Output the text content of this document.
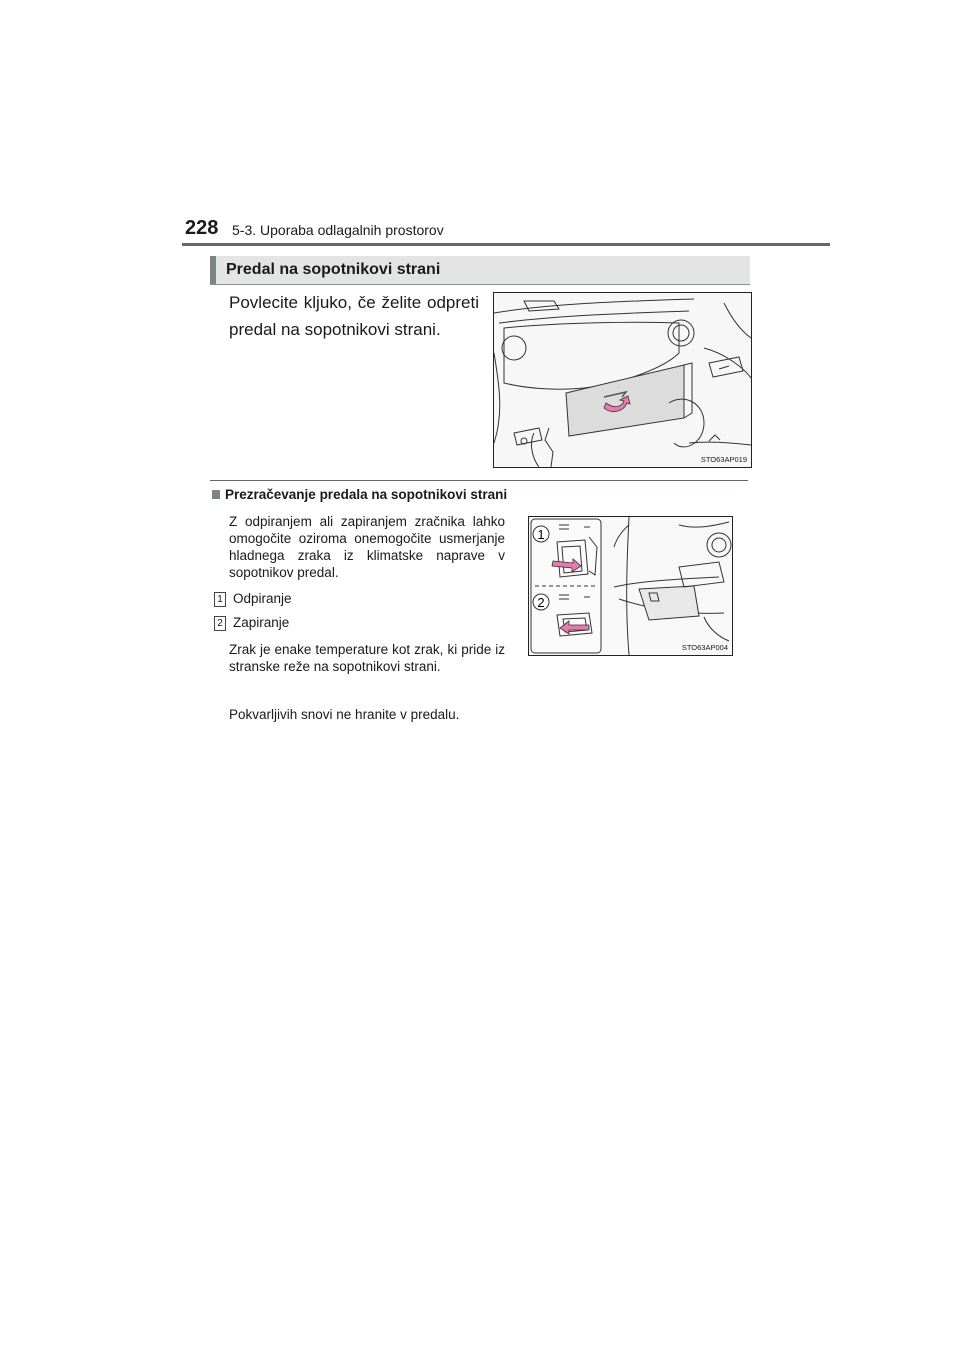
228 5-3. Uporaba odlagalnih prostorov
Predal na sopotnikovi strani
Povlecite kljuko, če želite odpreti predal na sopotnikovi strani.
STO63AP019
Prezračevanje predala na sopotnikovi strani
Z odpiranjem ali zapiranjem zračnika lahko omogočite oziroma onemogočite usmerjanje hladnega zraka iz klimatske naprave v sopotnikov predal.
1 Odpiranje
2 Zapiranje
Zrak je enake temperature kot zrak, ki pride iz stranske reže na sopotnikovi strani.
Pokvarljivih snovi ne hranite v predalu.
1
2
STO63AP004
